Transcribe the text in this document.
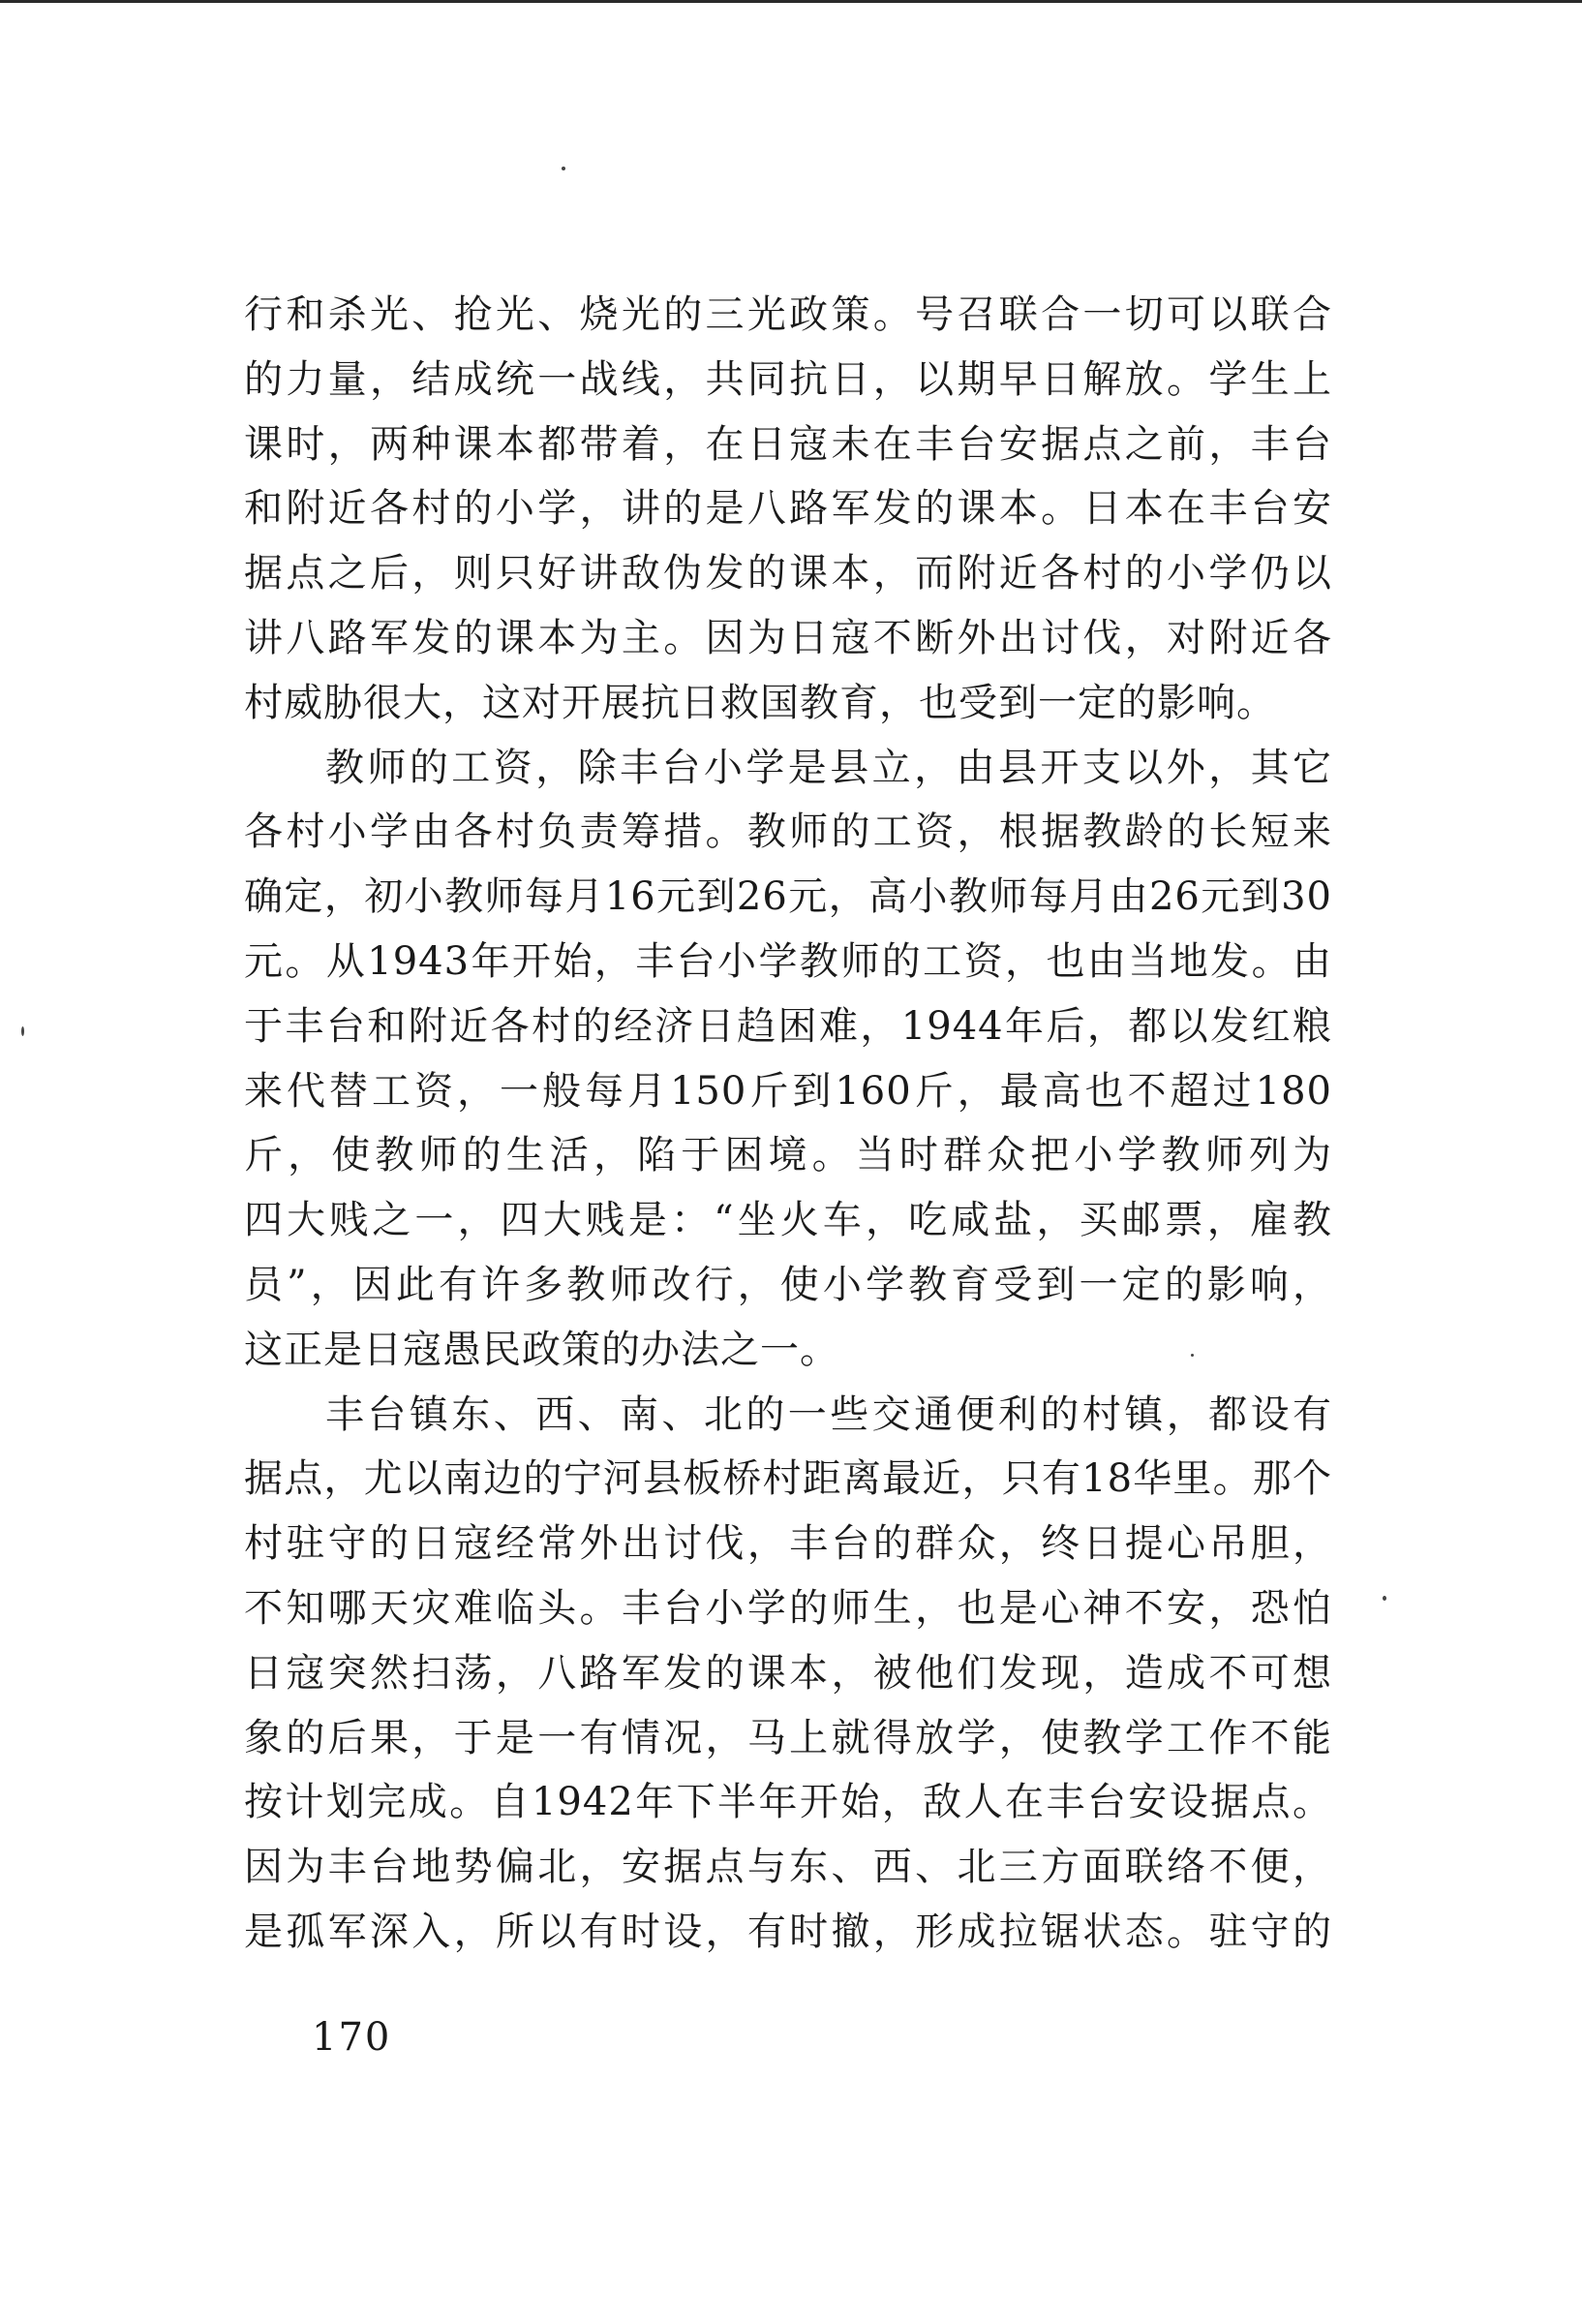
行和杀光、抢光、烧光的三光政策。号召联合一切可以联合
的力量，结成统一战线，共同抗日，以期早日解放。学生上
课时，两种课本都带着，在日寇未在丰台安据点之前，丰台
和附近各村的小学，讲的是八路军发的课本。日本在丰台安
据点之后，则只好讲敌伪发的课本，而附近各村的小学仍以
讲八路军发的课本为主。因为日寇不断外出讨伐，对附近各
村威胁很大，这对开展抗日救国教育，也受到一定的影响。
教师的工资，除丰台小学是县立，由县开支以外，其它
各村小学由各村负责筹措。教师的工资，根据教龄的长短来
确定，初小教师每月16元到26元，高小教师每月由26元到30
元。从1943年开始，丰台小学教师的工资，也由当地发。由
于丰台和附近各村的经济日趋困难，1944年后，都以发红粮
来代替工资，一般每月150斤到160斤，最高也不超过180
斤，使教师的生活，陷于困境。当时群众把小学教师列为
四大贱之一，四大贱是：“坐火车，吃咸盐，买邮票，雇教
员”，因此有许多教师改行，使小学教育受到一定的影响，
这正是日寇愚民政策的办法之一。
丰台镇东、西、南、北的一些交通便利的村镇，都设有
据点，尤以南边的宁河县板桥村距离最近，只有18华里。那个
村驻守的日寇经常外出讨伐，丰台的群众，终日提心吊胆，
不知哪天灾难临头。丰台小学的师生，也是心神不安，恐怕
日寇突然扫荡，八路军发的课本，被他们发现，造成不可想
象的后果，于是一有情况，马上就得放学，使教学工作不能
按计划完成。自1942年下半年开始，敌人在丰台安设据点。
因为丰台地势偏北，安据点与东、西、北三方面联络不便，
是孤军深入，所以有时设，有时撤，形成拉锯状态。驻守的
170
